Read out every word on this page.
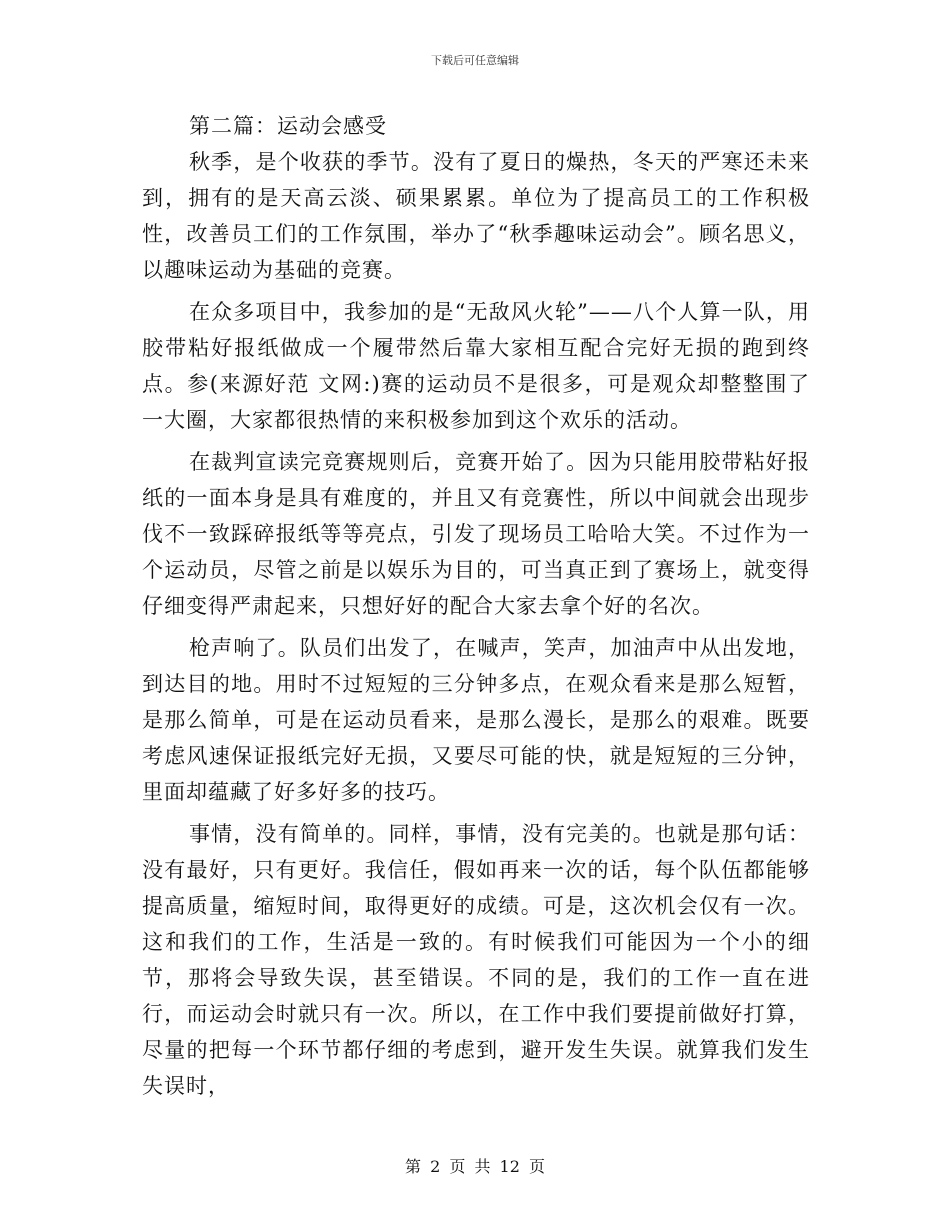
下载后可任意编辑

第二篇：运动会感受

秋季，是个收获的季节。没有了夏日的燥热，冬天的严寒还未来到，拥有的是天高云淡、硕果累累。单位为了提高员工的工作积极性，改善员工们的工作氛围，举办了“秋季趣味运动会”。顾名思义，以趣味运动为基础的竞赛。

在众多项目中，我参加的是“无敌风火轮”——八个人算一队，用胶带粘好报纸做成一个履带然后靠大家相互配合完好无损的跑到终点。参(来源好范 文网:)赛的运动员不是很多，可是观众却整整围了一大圈，大家都很热情的来积极参加到这个欢乐的活动。

在裁判宣读完竞赛规则后，竞赛开始了。因为只能用胶带粘好报纸的一面本身是具有难度的，并且又有竞赛性，所以中间就会出现步伐不一致踩碎报纸等等亮点，引发了现场员工哈哈大笑。不过作为一个运动员，尽管之前是以娱乐为目的，可当真正到了赛场上，就变得仔细变得严肃起来，只想好好的配合大家去拿个好的名次。

枪声响了。队员们出发了，在喊声，笑声，加油声中从出发地，到达目的地。用时不过短短的三分钟多点，在观众看来是那么短暂，是那么简单，可是在运动员看来，是那么漫长，是那么的艰难。既要考虑风速保证报纸完好无损，又要尽可能的快，就是短短的三分钟，里面却蕴藏了好多好多的技巧。

事情，没有简单的。同样，事情，没有完美的。也就是那句话：没有最好，只有更好。我信任，假如再来一次的话，每个队伍都能够提高质量，缩短时间，取得更好的成绩。可是，这次机会仅有一次。这和我们的工作，生活是一致的。有时候我们可能因为一个小的细节，那将会导致失误，甚至错误。不同的是，我们的工作一直在进行，而运动会时就只有一次。所以，在工作中我们要提前做好打算，尽量的把每一个环节都仔细的考虑到，避开发生失误。就算我们发生失误时，

第 2 页 共 12 页
